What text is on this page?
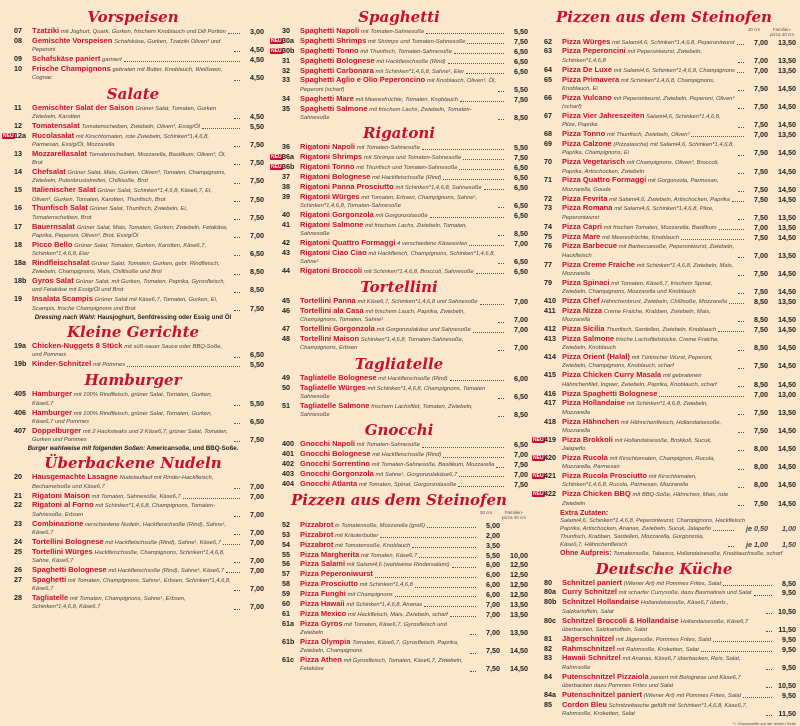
Vorspeisen
07	Tzatziki mit Joghurt, Quark, Gurken, frischem Knoblauch und Dill Portion	3,00
08	Gemischte Vorspeisen Schafskäse, Gurken, Tzatziki Oliven³ und Peperoni	4,50
09	Schafskäse paniert garniert	4,50
10	Frische Champignons gebraten mit Butter, Knoblauch, Weißwein, Cognac	4,50
Salate
11	Gemischter Salat der Saison Grüner Salat, Tomaten, Gurken Zwiebeln, Karotten	4,50
12	Tomatensalat Tomatenscheiben, Zwiebeln, Oliven³, Essig/Öl	5,50
NEU 12a Rucolasalat mit Kirschtomaten, rote Zwiebeln, Schinken*1,4,6,8, Parmesan, Essig/Öl, Mozzarella	7,50
13	Mozzarellasalat Tomatenscheiben, Mozzarella, Basilikum, Oliven³, Öl, Brot	7,50
14	Chefsalat Grüner Salat, Mais, Gurken, Oliven³, Tomaten, Champignons, Zwiebeln, Putenbruststreifen, Chillisoße, Brot	7,50
15	Italienischer Salat Grüner Salat, Schinken*1,4,6,8, Käse6,7, Ei, Oliven³, Gurken, Tomaten, Karotten, Thunfisch, Brot	7,50
16	Thunfisch Salat Grüner Salat, Thunfisch, Zwiebeln, Ei, Tomatenscheiben, Brot	7,50
17	Bauernsalat Grüner Salat, Mais, Tomaten, Gurken, Zwiebeln, Fetakäse, Paprika, Peperoni, Oliven³, Brot, Essig/Öl	7,00
18	Picco Bello Grüner Salat, Tomaten, Gurken, Karotten, Käse6,7, Schinken*1,4,6,8, Eier	6,50
18a Rindfleischsalat Grüner Salat, Tomaten, Gurken, gebr. Rindfleisch, Zwiebeln, Champignons, Mais, Chillisoße und Brot	8,50
18b Gyros Salat Grüner Salat, mit Gurken, Tomaten, Paprika, Gyrosfleisch, und Fetakäse mit Essig/Öl und Brot	8,50
19	Insalata Scampis Grüner Salat mit Käse6,7, Tomaten, Gurken, Ei, Scampis, frische Champignons und Brot	7,50
Dressing nach Wahl: Hausjoghurt, Senfdressing oder Essig und Öl
Kleine Gerichte
19a Chicken-Nuggets 8 Stück mit süß-sauer Sauce oder BBQ-Soße, und Pommes	6,50
19b Kinder-Schnitzel mit Pommes	5,50
Hamburger
405 Hamburger mit 100% Rindfleisch, grüner Salat, Tomaten, Gurken, Käse6,7	5,50
406 Hamburger mit 100% Rindfleisch, grüner Salat, Tomaten, Gurken, Käse6,7 und Pommes	6,50
407 Doppelburger mit 2 Hacksteaks und 2 Käse6,7, grüner Salat, Tomaten, Gurken und Pommes	7,50
Burger wahlweise mit folgenden Soßen: Americansoße, und BBQ-Soße.
Überbackene Nudeln
20	Hausgemachte Lasagne Nudelauflauf mit Rinder-Hackfleisch, Bechamelsoße und Käse6,7	7,00
21	Rigatoni Maison mit Tomaten, Sahnesoße, Käse6,7	7,00
22	Rigatoni al Forno mit Schinken*1,4,6,8, Champignons, Tomaten-Sahnesoße, Erbsen	7,00
23	Combinazione verschiedene Nudeln, Hackfleischsoße (Rind), Sahne¹, Käse6,7	7,00
24	Tortellini Bolognese mit Hackfleischsoße (Rind), Sahne¹, Käse6,7	7,00
25	Tortellini Würges Hackfleischsoße, Champignons, Schinken*1,4,6,8, Sahne, Käse6,7	7,00
26	Spaghetti Bolognese mit Hackfleischsoße (Rind), Sahne¹, Käse6,7	7,00
27	Spaghetti mit Tomaten, Champignons, Sahne¹, Erbsen, Schinken*1,4,6,8, Käse6,7	7,00
28	Tagliatelle mit Tomaten, Champignons, Sahne¹, Erbsen, Schinken*1,4,6,8, Käse6,7	7,00
Spaghetti
30	Spaghetti Napoli mit Tomaten-Sahnesoße	5,50
NEU 30a Spaghetti Shrimps mit Shrimps und Tomaten-Sahnesoße	7,50
NEU 30b Spaghetti Tonno mit Thunfisch, Tomaten-Sahnesoße	6,50
31	Spaghetti Bolognese mit Hackfleischsoße (Rind)	6,50
32	Spaghetti Carbonara mit Schinken*1,4,6,8, Sahne¹, Eier	6,50
33	Spaghetti Aglio e Olio Peperoncino mit Knoblauch, Oliven³, Öl, Peperoni (scharf)	5,50
34	Spaghetti Mare mit Meeresfrüchte, Tomaten, Knoblauch	7,50
35	Spaghetti Salmone mit frischem Lachs, Zwiebeln, Tomaten-Sahnesoße	8,50
Rigatoni
36	Rigatoni Napoli mit Tomaten-Sahnesoße	5,50
NEU 36a Rigatoni Shrimps mit Shrimps und Tomaten-Sahnesoße	7,50
NEU 36b Rigatoni Tonno mit Thunfisch und Tomaten-Sahnesoße	6,50
37	Rigatoni Bolognese mit Hackfleischsoße (Rind)	6,50
38	Rigatoni Panna Prosciutto mit Schinken*1,4,6,8, Sahnesoße	6,50
39	Rigatoni Würges mit Tomaten, Erbsen, Champignons, Sahne¹, Schinken*1,4,6,8, Tomaten-Sahnesoße	6,50
40	Rigatoni Gorgonzola mit Gorgonzolasoße	6,50
41	Rigatoni Salmone mit frischem Lachs, Zwiebeln, Tomaten, Sahnesoße	8,50
42	Rigatoni Quattro Formaggi 4 verschiedene Käsesorten	7,00
43	Rigatoni Ciao Ciao mit Hackfleisch, Champignons, Schinken*1,4,6,8, Sahne¹	6,50
44	Rigatoni Broccoli mit Schinken*1,4,6,8, Broccoli, Sahnesoße	6,50
Tortellini
45	Tortellini Panna mit Käse6,7, Schinken*1,4,6,8 und Sahnesoße	7,00
46	Tortellini ala Casa mit frischem Lauch, Paprika, Zwiebeln, Champignons, Tomaten, Sahne¹	7,00
47	Tortellini Gorgonzola mit Gorgonzolakäse und Sahnesoße	7,00
48	Tortellini Maison Schinken*1,4,6,8, Tomaten-Sahnesoße, Champignons, Erbsen	7,00
Tagliatelle
49	Tagliatelle Bolognese mit Hackfleischsoße (Rind)	6,00
50	Tagliatelle Würges mit Schinken*1,4,6,8, Champignons, Tomaten Sahnesoße	6,50
51	Tagliatelle Salmone frischem Lachsfilet, Tomaten, Zwiebeln, Sahnesoße	8,50
Gnocchi
400 Gnocchi Napoli mit Tomaten-Sahnesoße	6,50
401 Gnocchi Bolognese mit Hackfleischsoße (Rind)	7,00
402 Gnocchi Sorrentino mit Tomaten-Sahnesoße, Basilikum, Mozzarella	7,50
403 Gnocchi Gorgonzola mit Sahne¹, Gorgonzolakäse6,7	7,00
404 Gnocchi Atlanta mit Tomaten, Spinat, Gorgonzolasoße	7,50
Pizzen aus dem Steinofen
30 cm	Familien-pizza 40 cm
52	Pizzabrot in Tomatensoße, Mozzarella (groß)	5,00
53	Pizzabrot mit Kräuterbutter	2,00
54	Pizzabrot mit Tomatensoße, Knoblauch	3,50
55	Pizza Margherita mit Tomaten, Käse6,7	5,50	10,00
56	Pizza Salami mit Salami4,6 (wahlweise Rindersalami)	6,00	12,50
57	Pizza Peperoniwurst	6,00	12,50
58	Pizza Prosciutto mit Schinken*1,4,6,8	6,00	12,50
59	Pizza Funghi mit Champignons	6,00	12,50
60	Pizza Hawaii mit Schinken*1,4,6,8, Ananas	7,00	13,50
61	Pizza Mexico mit Hackfleisch, Mais, Zwiebeln, scharf	7,00	13,50
61a Pizza Gyros mit Tomaten, Käse6,7, Gyrosfleisch und Zwiebeln	7,00	13,50
61b Pizza Olympia Tomaten, Käse6,7, Gyrosfleisch, Paprika, Zwiebeln, Champignons	7,50	14,50
61c Pizza Athen mit Gyrosfleisch, Tomaten, Käse6,7, Zwiebeln, Fetakäse	7,50	14,50
Pizzen aus dem Steinofen
30 cm	Familien-pizza 40 cm
62	Pizza Würges mit Salami4,6, Schinken*1,4,6,8, Peperoniwurst	7,00	13,50
63	Pizza Peperoncini mit Peperoniwurst, Zwiebeln, Schinken*1,4,6,8	7,00	13,50
64	Pizza De Luxe mit Salami4,6, Schinken*1,4,6,8, Champignons	7,00	13,50
65	Pizza Primavera mit Schinken*1,4,6,8, Champignons, Knoblauch, Ei	7,50	14,50
66	Pizza Vulcano mit Peperoniwurst, Zwiebeln, Peperoni, Oliven³ (scharf)	7,50	14,50
67	Pizza Vier Jahreszeiten Salami4,6, Schinken*1,4,6,8, Pilze, Paprika	7,50	14,50
68	Pizza Tonno mit Thunfisch, Zwiebeln, Oliven³	7,00	13,50
69	Pizza Calzone (Pizzatasche) mit Salami4,6, Schinken*1,4,6,8, Paprika, Champignons, Ei	7,50	14,50
70	Pizza Vegetarisch mit Champignons, Oliven³, Broccoli, Paprika, Artischocken, Zwiebeln	7,50	14,50
71	Pizza Quattro Formaggi mit Gorgonzola, Parmesan, Mozzarella, Gouda	7,50	14,50
72	Pizza Fevrita mit Salami4,6, Zwiebeln, Artischocken, Paprika	7,50	14,50
73	Pizza Romana mit Salami4,6, Schinken*1,4,6,8, Pilze, Peperoniwurst	7,50	13,50
74	Pizza Capri mit frischen Tomaten, Mozzarella, Basilikum	7,00	13,50
75	Pizza Mare mit Meeresfrüchte, Knoblauch	7,50	14,50
76	Pizza Barbecue mit Barbecuesoße, Peperoniwurst, Zwiebeln, Hackfleisch	7,00	13,50
77	Pizza Creme Fraiche mit Schinken*1,4,6,8, Zwiebeln, Mais, Mozzarella	7,50	14,50
79	Pizza Spinaci mit Tomaten, Käse6,7, frischem Spinat, Zwiebeln, Champignons, Mozzarella und Knoblauch	7,50	14,50
410 Pizza Chef Hähnchenbrust, Zwiebeln, Chillisoße, Mozzarella	8,50	13,50
411 Pizza Nizza Creme Fraiche, Krabben, Zwiebeln, Mais, Mozzarella	8,50	14,50
412 Pizza Sicilia Thunfisch, Sardellen, Zwiebeln, Knoblauch	7,50	14,50
413 Pizza Salmone frische Lachsfiletstücke, Creme Fraiche, Zwiebeln, Knoblauch	8,50	14,50
414 Pizza Orient (Halal) mit Türkischer Wurst, Peperoni, Zwiebeln, Champignons, Knoblauch, scharf	7,50	14,50
415 Pizza Chicken Curry Masala mit gebratenen Hähnchenfilet, Ingwer, Zwiebeln, Paprika, Knoblauch, scharf	8,50	14,50
416 Pizza Spaghetti Bolognese	7,00	13,00
417 Pizza Hollandaise mit Schinken*1,4,6,8, Zwiebeln, Mozzarella	7,50	13,50
418 Pizza Hähnchen mit Hähnchenfleisch, Hollandaisesoße, Mozzarella	7,50	14,50
NEU 419 Pizza Brokkoli mit Hollandaisesoße, Brokkoli, Sucuk, Jalapeño	8,00	14,50
NEU 420 Pizza Rucola mit Kirschtomaten, Champignon, Rucola, Mozzarella, Parmesan	8,00	14,50
NEU 421 Pizza Rucola Prosciutto mit Kirschtomaten, Schinken*1,4,6,8, Rucola, Parmesan, Mozzarella	8,00	14,50
NEU 422 Pizza Chicken BBQ mit BBQ-Soße, Hähnchen, Mais, rote Zwiebeln	7,50	14,50
Extra Zutaten:
Salami4,6, Schinken*1,4,6,8, Peperoniwurst, Champignons, Hackfleisch
Paprika, Artischocken, Ananas, Zwiebeln, Sucuk, Jalapeño	je 0,50	1,00
Thunfisch, Krabben, Sardellen, Mozzarella, Gorgonzola, Käse6,7, Hähnchenfleisch	je 1,00	1,50
Ohne Aufpreis: Tomatensoße, Tabasco, Hollandaisesoße, Knoblauchsoße, scharf
Deutsche Küche
80	Schnitzel paniert (Wiener Art) mit Pommes Frites, Salat	8,50
80a Curry Schnitzel mit scharfer Currysoße, dazu Basmatireis und Salat	9,50
80b Schnitzel Hollandaise Hollandaisesoße, Käse6,7 überb., Salzkartoffeln, Salat	10,50
80c Schnitzel Broccoli & Hollandaise Hollandaisesoße, Käse6,7 überbacken, Salzkartoffeln, Salat	11,50
81	Jägerschnitzel mit Jägersoße, Pommes Frites, Salat	9,50
82	Rahmschnitzel mit Rahmsoße, Kroketten, Salat	9,50
83	Hawaii Schnitzel mit Ananas, Käse6,7 überbacken, Reis, Salat, Rahmsoße	9,50
84	Putenschnitzel Pizzaiola paniert mit Bolognese und Käse6,7 überbacken dazu Pommes Frites und Salat	10,50
84a Putenschnitzel paniert (Wiener Art) mit Pommes Frites, Salat	9,50
85	Cordon Bleu Schnitzeltasche gefüllt mit Schinken*1,4,6,8, Käse6,7, Rahmsoße, Kroketten, Salat	11,50
*= Zusatzstoffe auf der letzten Seite
